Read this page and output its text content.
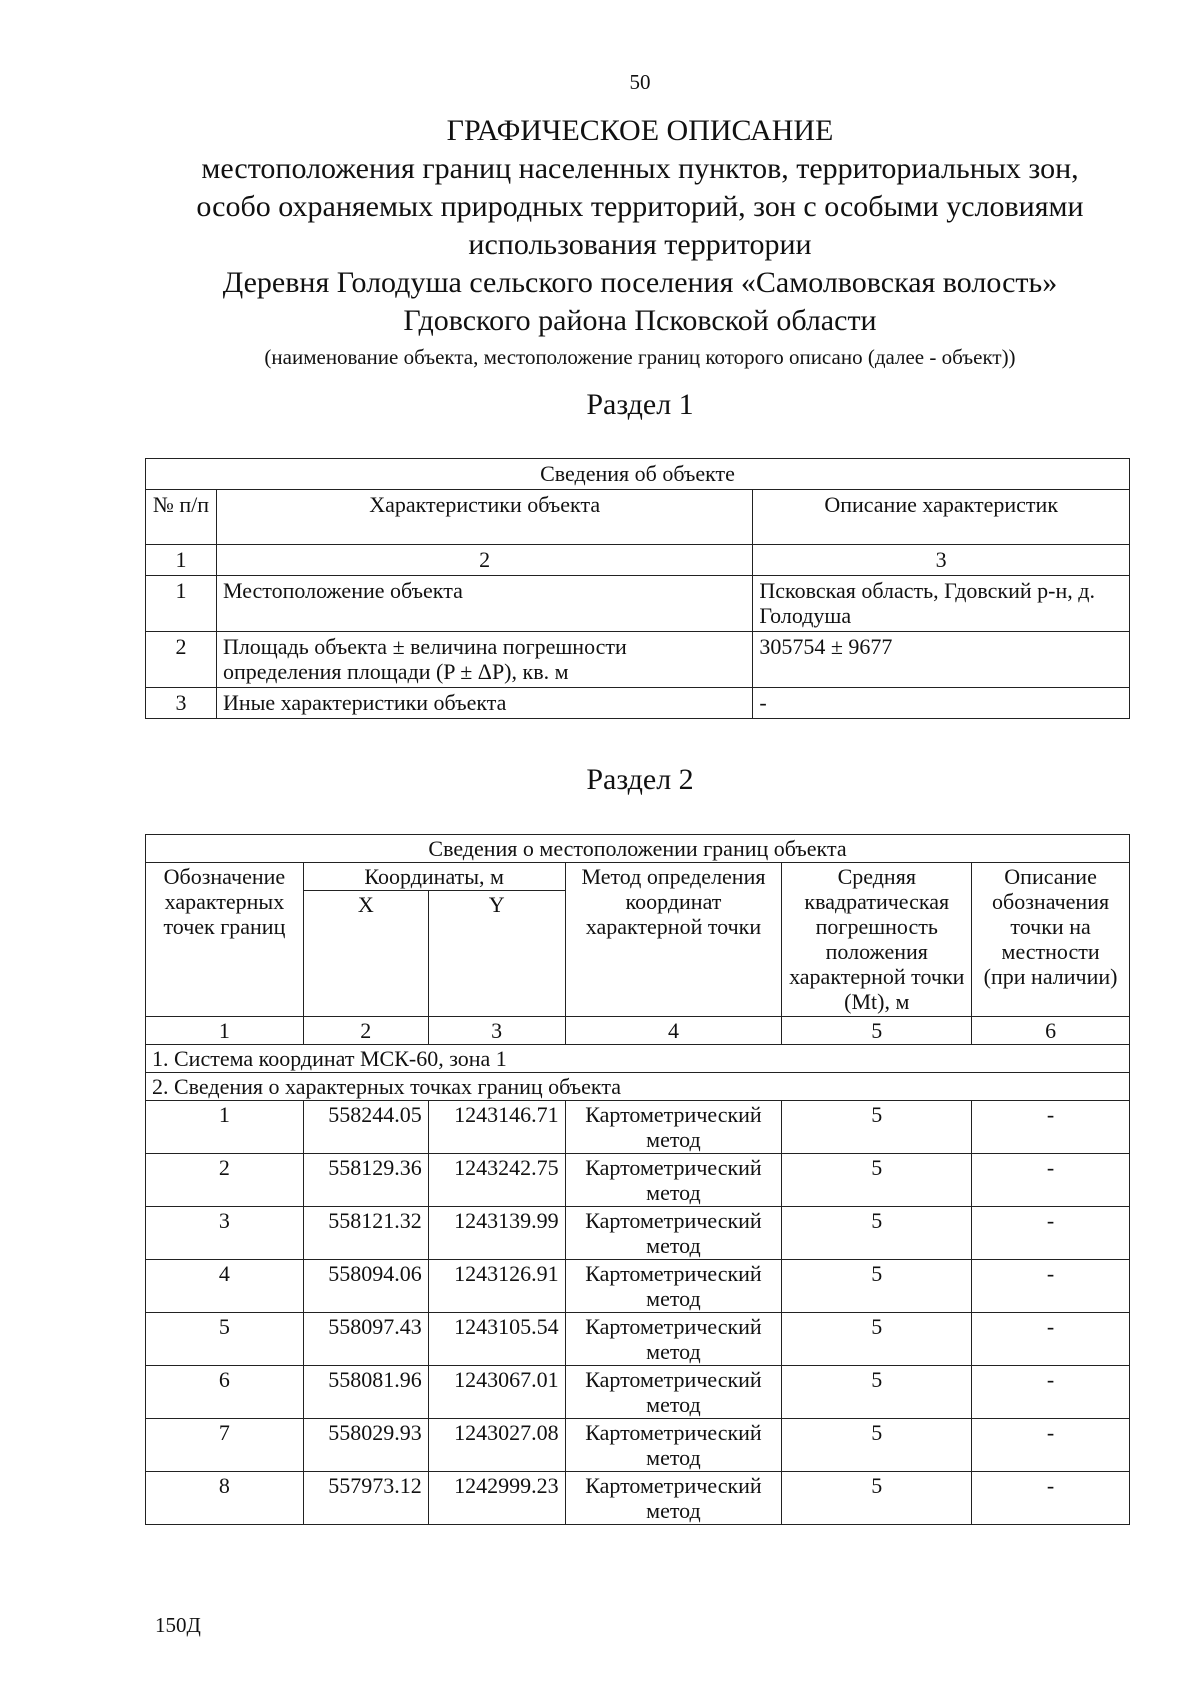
50
ГРАФИЧЕСКОЕ ОПИСАНИЕ
местоположения границ населенных пунктов, территориальных зон,
особо охраняемых природных территорий, зон с особыми условиями
использования территории
Деревня Голодуша сельского поселения «Самолвовская волость»
Гдовского района Псковской области
(наименование объекта, местоположение границ которого описано (далее - объект))
Раздел 1
Сведения об объекте		
№ п/п	Характеристики объекта	Описание характеристик
1	2	3
1	Местоположение объекта	Псковская область, Гдовский р-н, д. Голодуша
2	Площадь объекта ± величина погрешности определения площади (P ± ΔP), кв. м	305754 ± 9677
3	Иные характеристики объекта	-
Раздел 2
Сведения о местоположении границ объекта					
Обозначение характерных точек границ	Координаты, м		Метод определения координат характерной точки	Средняя квадратическая погрешность положения характерной точки (Mt), м	Описание обозначения точки на местности (при наличии)
	X	Y			
1	2	3	4	5	6
1. Система координат МСК-60, зона 1					
2. Сведения о характерных точках границ объекта					
1	558244.05	1243146.71	Картометрический метод	5	-
2	558129.36	1243242.75	Картометрический метод	5	-
3	558121.32	1243139.99	Картометрический метод	5	-
4	558094.06	1243126.91	Картометрический метод	5	-
5	558097.43	1243105.54	Картометрический метод	5	-
6	558081.96	1243067.01	Картометрический метод	5	-
7	558029.93	1243027.08	Картометрический метод	5	-
8	557973.12	1242999.23	Картометрический метод	5	-
150Д
